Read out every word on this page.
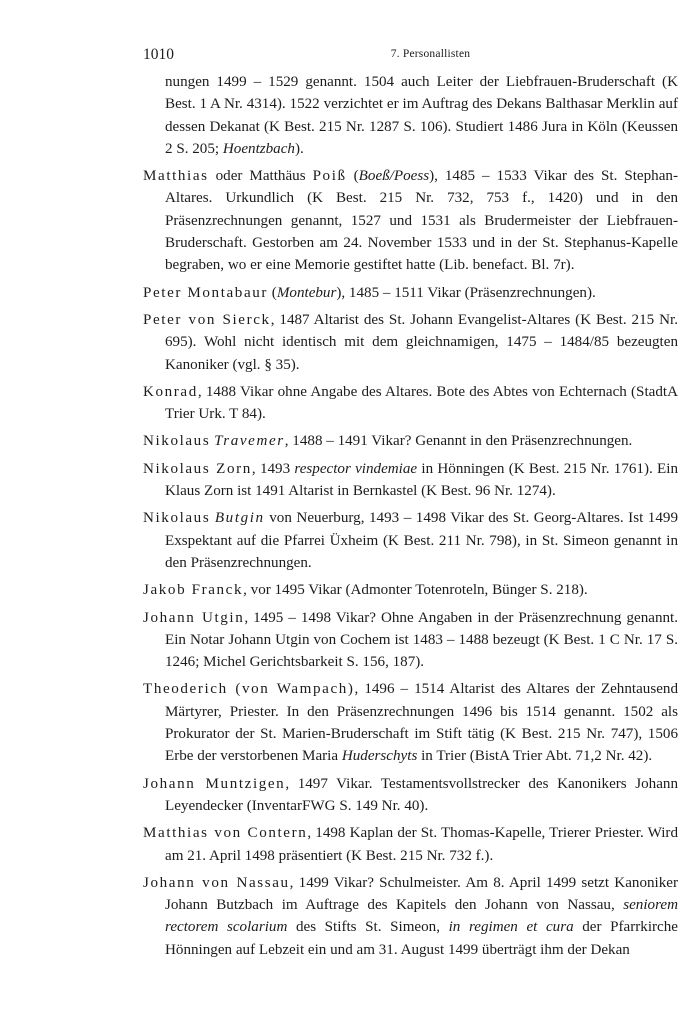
1010	7. Personallisten

nungen 1499 – 1529 genannt. 1504 auch Leiter der Liebfrauen-Bruderschaft (K Best. 1 A Nr. 4314). 1522 verzichtet er im Auftrag des Dekans Balthasar Merklin auf dessen Dekanat (K Best. 215 Nr. 1287 S. 106). Studiert 1486 Jura in Köln (Keussen 2 S. 205; Hoentzbach).

Matthias oder Matthäus Poiß (Boeß/Poess), 1485 – 1533 Vikar des St. Stephan-Altares. Urkundlich (K Best. 215 Nr. 732, 753 f., 1420) und in den Präsenzrechnungen genannt, 1527 und 1531 als Brudermeister der Liebfrauen-Bruderschaft. Gestorben am 24. November 1533 und in der St. Stephanus-Kapelle begraben, wo er eine Memorie gestiftet hatte (Lib. benefact. Bl. 7r).

Peter Montabaur (Montebur), 1485 – 1511 Vikar (Präsenzrechnungen).

Peter von Sierck, 1487 Altarist des St. Johann Evangelist-Altares (K Best. 215 Nr. 695). Wohl nicht identisch mit dem gleichnamigen, 1475 – 1484/85 bezeugten Kanoniker (vgl. § 35).

Konrad, 1488 Vikar ohne Angabe des Altares. Bote des Abtes von Echternach (StadtA Trier Urk. T 84).

Nikolaus Travemer, 1488 – 1491 Vikar? Genannt in den Präsenzrechnungen.

Nikolaus Zorn, 1493 respector vindemiae in Hönningen (K Best. 215 Nr. 1761). Ein Klaus Zorn ist 1491 Altarist in Bernkastel (K Best. 96 Nr. 1274).

Nikolaus Butgin von Neuerburg, 1493 – 1498 Vikar des St. Georg-Altares. Ist 1499 Exspektant auf die Pfarrei Üxheim (K Best. 211 Nr. 798), in St. Simeon genannt in den Präsenzrechnungen.

Jakob Franck, vor 1495 Vikar (Admonter Totenroteln, Bünger S. 218).

Johann Utgin, 1495 – 1498 Vikar? Ohne Angaben in der Präsenzrechnung genannt. Ein Notar Johann Utgin von Cochem ist 1483 – 1488 bezeugt (K Best. 1 C Nr. 17 S. 1246; Michel Gerichtsbarkeit S. 156, 187).

Theoderich (von Wampach), 1496 – 1514 Altarist des Altares der Zehntausend Märtyrer, Priester. In den Präsenzrechnungen 1496 bis 1514 genannt. 1502 als Prokurator der St. Marien-Bruderschaft im Stift tätig (K Best. 215 Nr. 747), 1506 Erbe der verstorbenen Maria Huderschyts in Trier (BistA Trier Abt. 71,2 Nr. 42).

Johann Muntzigen, 1497 Vikar. Testamentsvollstrecker des Kanonikers Johann Leyendecker (InventarFWG S. 149 Nr. 40).

Matthias von Contern, 1498 Kaplan der St. Thomas-Kapelle, Trierer Priester. Wird am 21. April 1498 präsentiert (K Best. 215 Nr. 732 f.).

Johann von Nassau, 1499 Vikar? Schulmeister. Am 8. April 1499 setzt Kanoniker Johann Butzbach im Auftrage des Kapitels den Johann von Nassau, seniorem rectorem scolarium des Stifts St. Simeon, in regimen et cura der Pfarrkirche Hönningen auf Lebzeit ein und am 31. August 1499 überträgt ihm der Dekan
